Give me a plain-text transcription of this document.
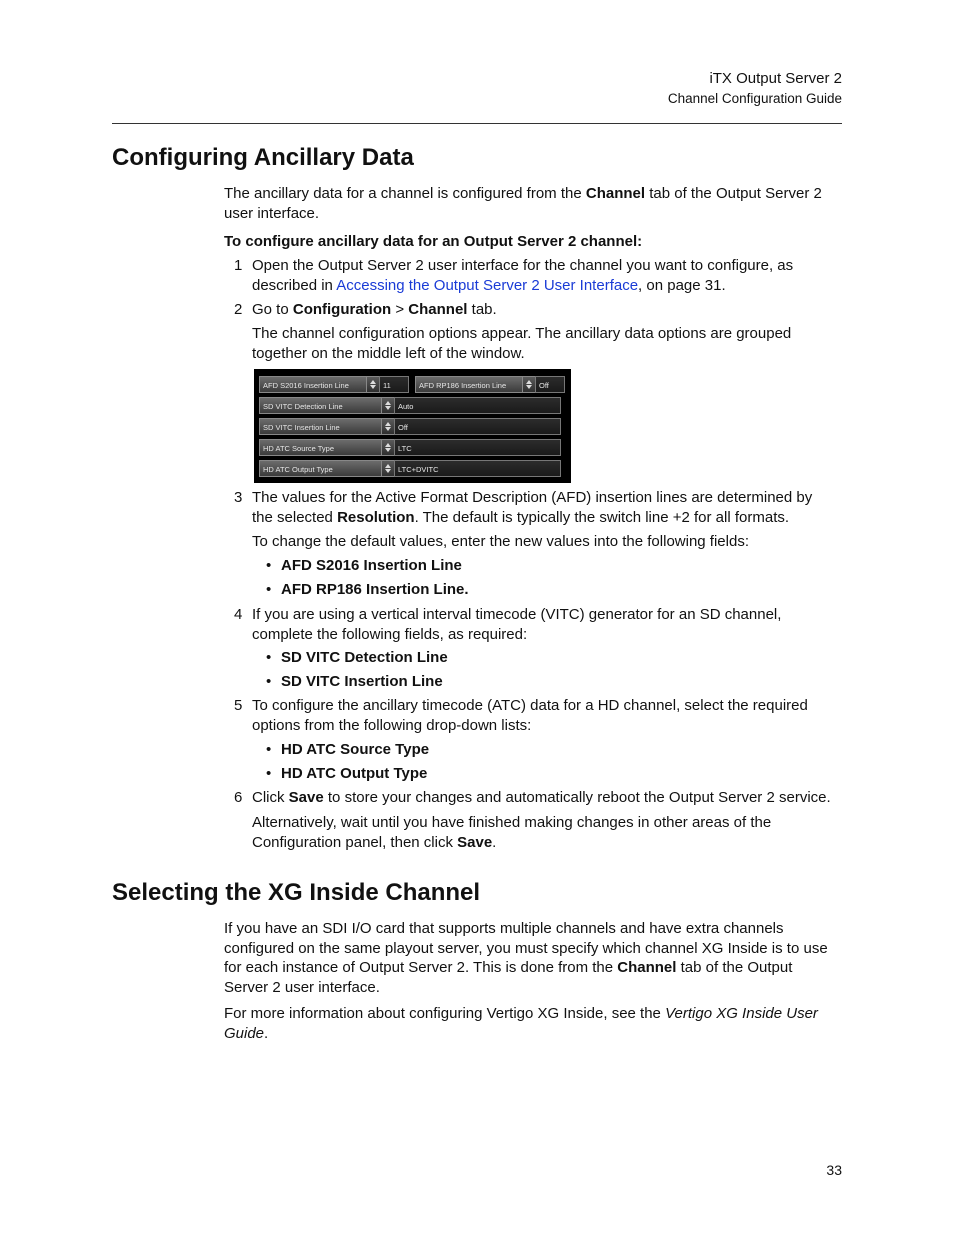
iTX Output Server 2
Channel Configuration Guide
Configuring Ancillary Data

The ancillary data for a channel is configured from the Channel tab of the Output Server 2
user interface.

To configure ancillary data for an Output Server 2 channel:

1 Open the Output Server 2 user interface for the channel you want to configure, as
described in Accessing the Output Server 2 User Interface, on page 31.

2 Go to Configuration > Channel tab.

The channel configuration options appear. The ancillary data options are grouped
together on the middle left of the window.

AFD S2016 Insertion Line	11	AFD RP186 Insertion Line	Off
SD VITC Detection Line	Auto
SD VITC Insertion Line	Off
HD ATC Source Type	LTC
HD ATC Output Type	LTC+DVITC
3 The values for the Active Format Description (AFD) insertion lines are determined by
the selected Resolution. The default is typically the switch line +2 for all formats.

To change the default values, enter the new values into the following fields:

• AFD S2016 Insertion Line
• AFD RP186 Insertion Line.
4 If you are using a vertical interval timecode (VITC) generator for an SD channel,
complete the following fields, as required:

• SD VITC Detection Line
• SD VITC Insertion Line
5 To configure the ancillary timecode (ATC) data for a HD channel, select the required
options from the following drop-down lists:

• HD ATC Source Type
• HD ATC Output Type
6 Click Save to store your changes and automatically reboot the Output Server 2 service.

Alternatively, wait until you have finished making changes in other areas of the
Configuration panel, then click Save.

Selecting the XG Inside Channel

If you have an SDI I/O card that supports multiple channels and have extra channels
configured on the same playout server, you must specify which channel XG Inside is to use
for each instance of Output Server 2. This is done from the Channel tab of the Output
Server 2 user interface.

For more information about configuring Vertigo XG Inside, see the Vertigo XG Inside User
Guide.

33
